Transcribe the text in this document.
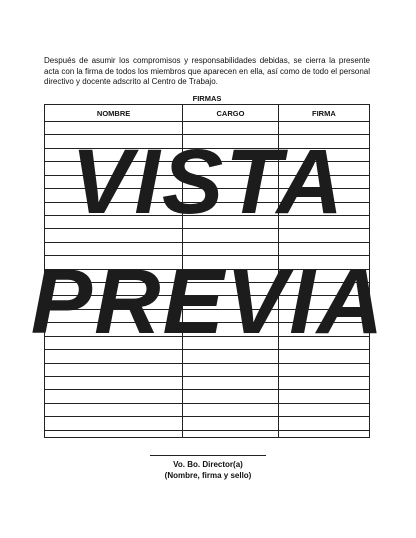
Después de asumir los compromisos y responsabilidades debidas, se cierra la presente acta con la firma de todos los miembros que aparecen en ella, así como de todo el personal directivo y docente adscrito al Centro de Trabajo.

FIRMAS

NOMBRE	CARGO	FIRMA

VISTA
PREVIA

Vo. Bo. Director(a)

(Nombre, firma y sello)
